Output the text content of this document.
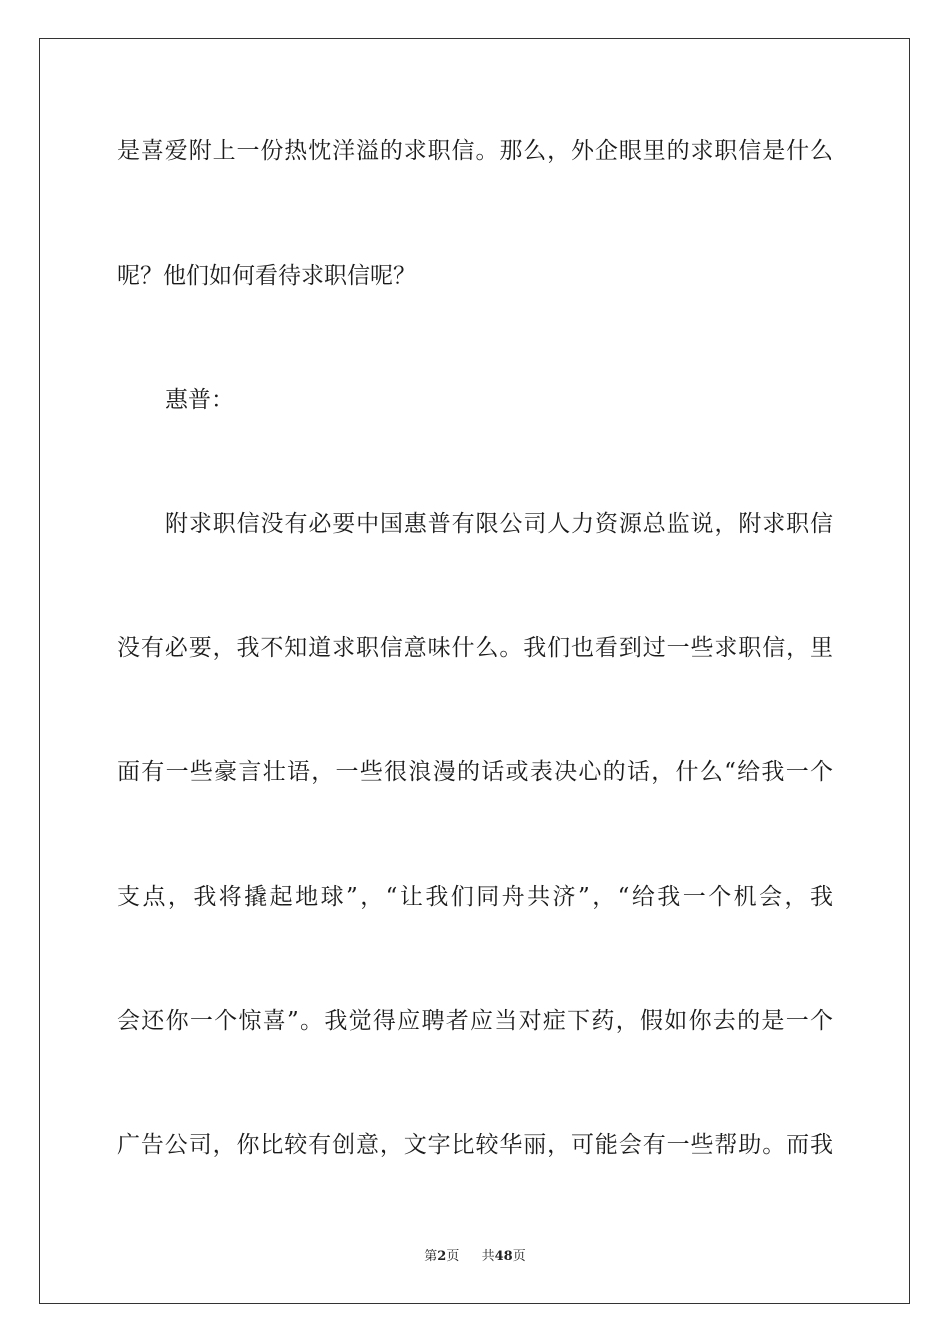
是喜爱附上一份热忱洋溢的求职信。那么，外企眼里的求职信是什么
呢？他们如何看待求职信呢？
惠普：
附求职信没有必要中国惠普有限公司人力资源总监说，附求职信
没有必要，我不知道求职信意味什么。我们也看到过一些求职信，里
面有一些豪言壮语，一些很浪漫的话或表决心的话，什么“给我一个
支点，我将撬起地球”，“让我们同舟共济”，“给我一个机会，我
会还你一个惊喜”。我觉得应聘者应当对症下药，假如你去的是一个
广告公司，你比较有创意，文字比较华丽，可能会有一些帮助。而我
第2页 共48页
